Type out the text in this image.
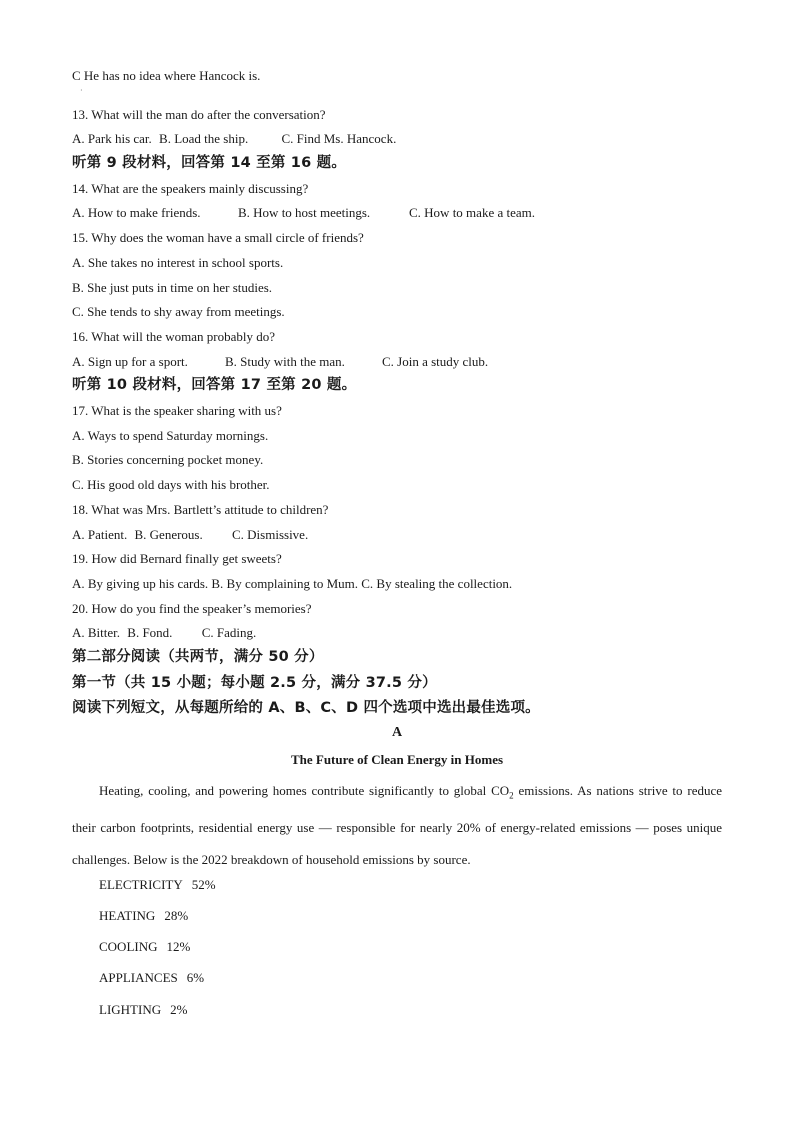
C He has no idea where Hancock is.
·
13. What will the man do after the conversation?
A. Park his car. B. Load the ship.	C. Find Ms. Hancock.
听第 9 段材料，回答第 14 至第 16 题。
14. What are the speakers mainly discussing?
A. How to make friends.	B. How to host meetings.	C. How to make a team.
15. Why does the woman have a small circle of friends?
A. She takes no interest in school sports.
B. She just puts in time on her studies.
C. She tends to shy away from meetings.
16. What will the woman probably do?
A. Sign up for a sport.	B. Study with the man.	C. Join a study club.
听第 10 段材料，回答第 17 至第 20 题。
17. What is the speaker sharing with us?
A. Ways to spend Saturday mornings.
B. Stories concerning pocket money.
C. His good old days with his brother.
18. What was Mrs. Bartlett’s attitude to children?
A. Patient. B. Generous. C. Dismissive.
19. How did Bernard finally get sweets?
A. By giving up his cards. B. By complaining to Mum. C. By stealing the collection.
20. How do you find the speaker’s memories?
A. Bitter. B. Fond. C. Fading.
第二部分阅读（共两节，满分 50 分）
第一节（共 15 小题；每小题 2.5 分，满分 37.5 分）
阅读下列短文，从每题所给的 A、B、C、D 四个选项中选出最佳选项。
A
The Future of Clean Energy in Homes
Heating, cooling, and powering homes contribute significantly to global $CO_2$ emissions. As nations strive to reduce their carbon footprints, residential energy use — responsible for nearly 20% of energy-related emissions — poses unique challenges. Below is the 2022 breakdown of household emissions by source.
ELECTRICITY 52%
HEATING 28%
COOLING 12%
APPLIANCES 6%
LIGHTING 2%
